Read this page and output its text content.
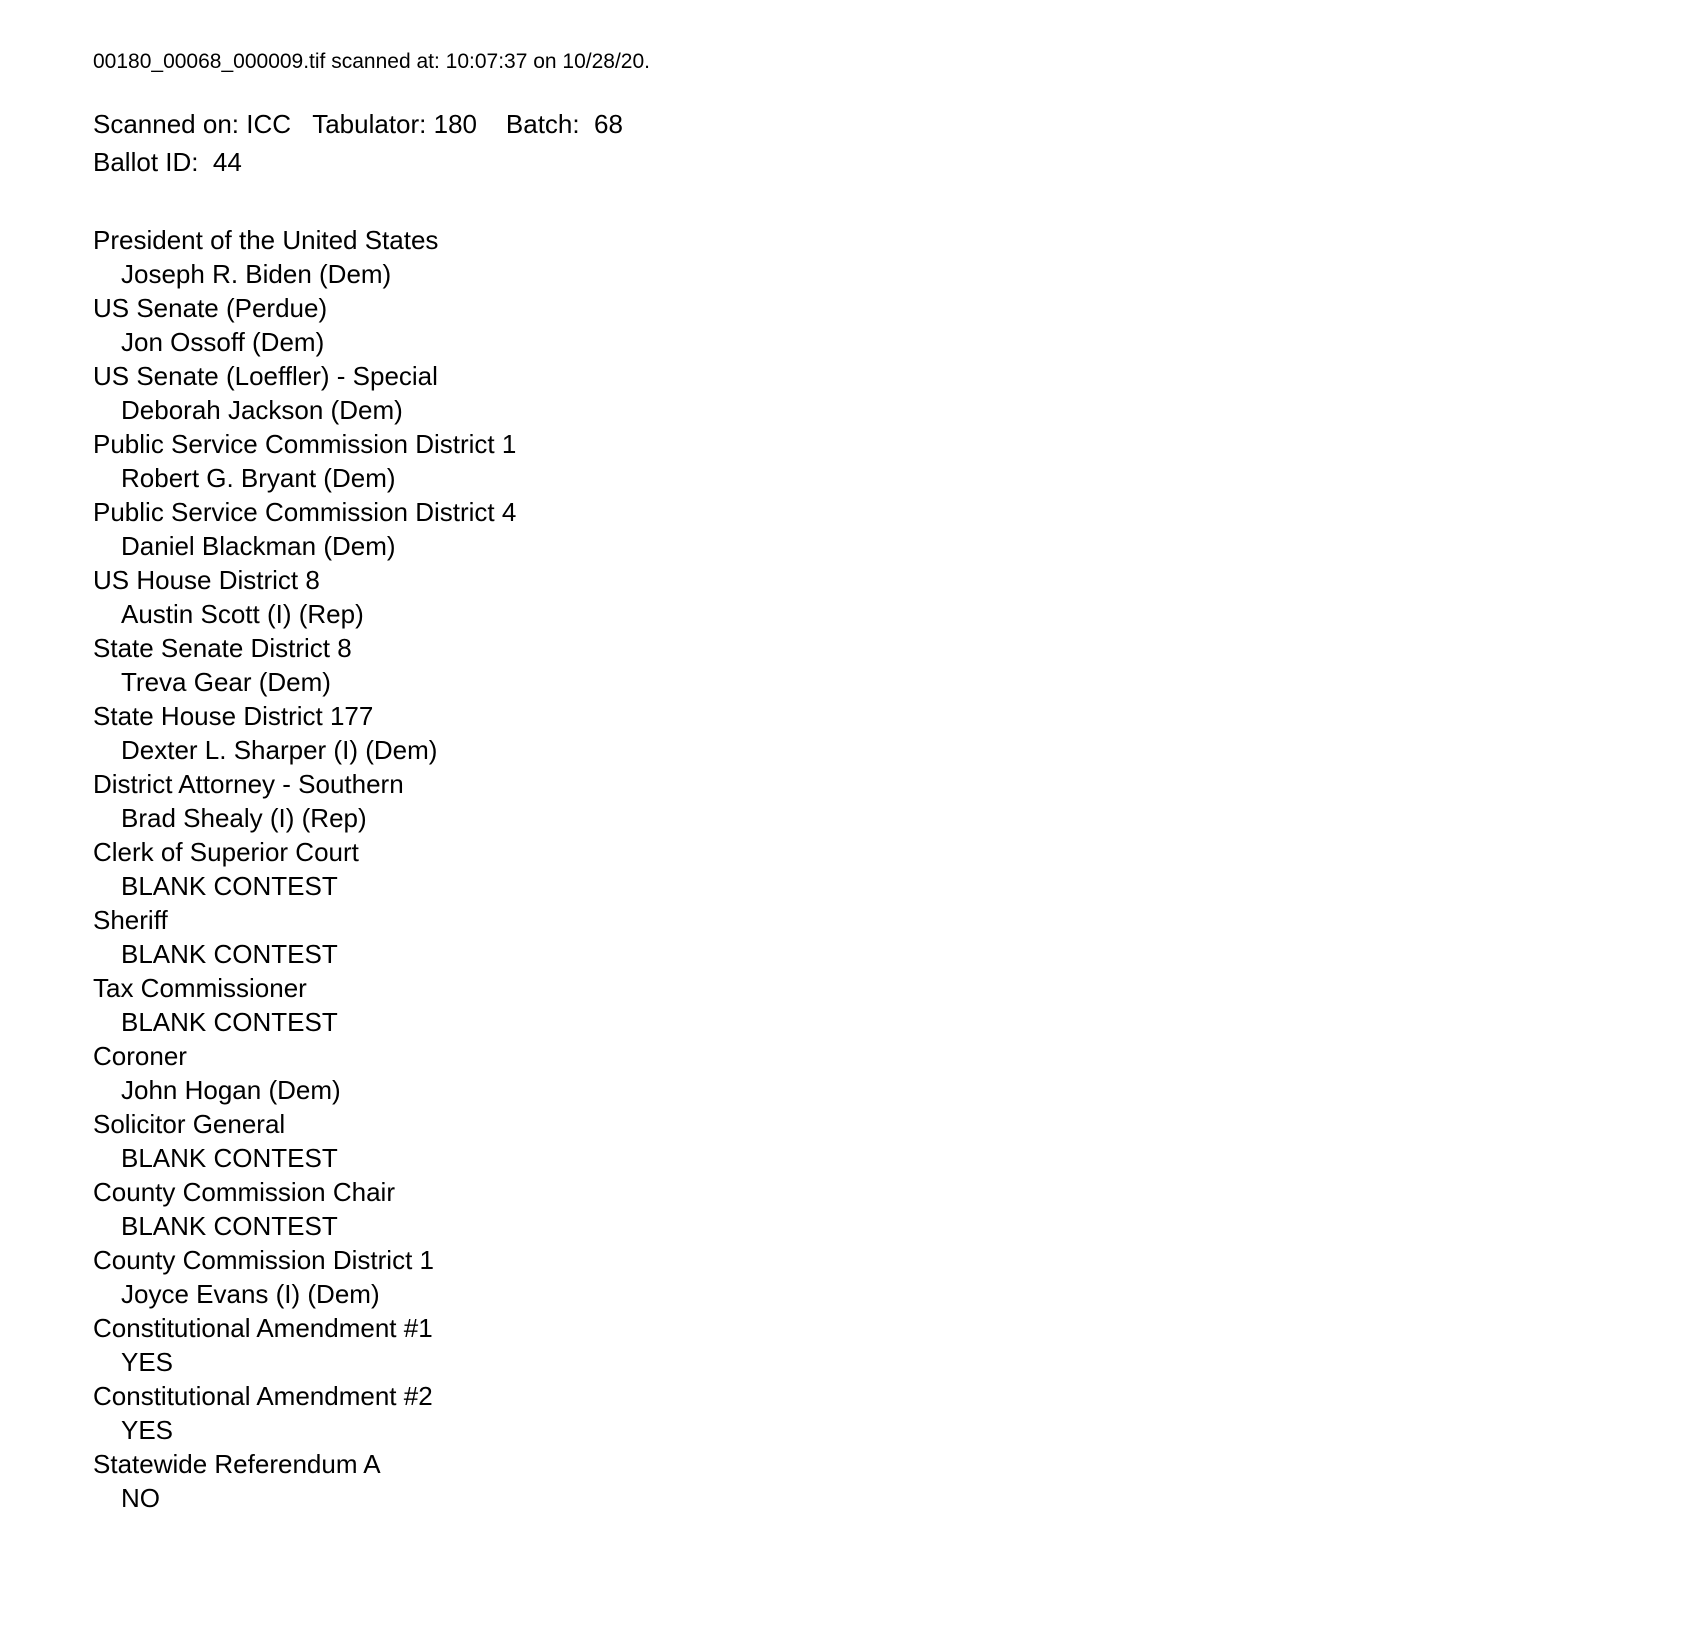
00180_00068_000009.tif scanned at: 10:07:37 on 10/28/20.
Scanned on: ICC   Tabulator: 180    Batch:  68
Ballot ID:  44
President of the United States
Joseph R. Biden (Dem)
US Senate (Perdue)
Jon Ossoff (Dem)
US Senate (Loeffler) - Special
Deborah Jackson (Dem)
Public Service Commission District 1
Robert G. Bryant (Dem)
Public Service Commission District 4
Daniel Blackman (Dem)
US House District 8
Austin Scott (I) (Rep)
State Senate District 8
Treva Gear (Dem)
State House District 177
Dexter L. Sharper (I) (Dem)
District Attorney - Southern
Brad Shealy (I) (Rep)
Clerk of Superior Court
BLANK CONTEST
Sheriff
BLANK CONTEST
Tax Commissioner
BLANK CONTEST
Coroner
John Hogan (Dem)
Solicitor General
BLANK CONTEST
County Commission Chair
BLANK CONTEST
County Commission District 1
Joyce Evans (I) (Dem)
Constitutional Amendment #1
YES
Constitutional Amendment #2
YES
Statewide Referendum A
NO
